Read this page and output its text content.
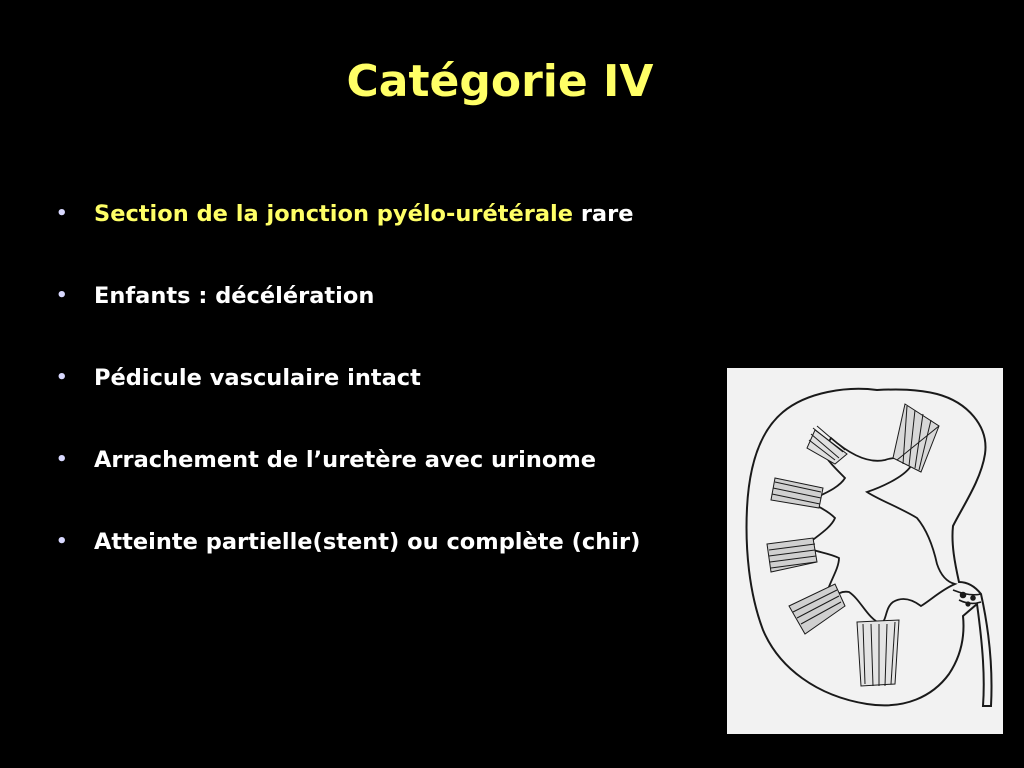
Catégorie IV
•	Section de la jonction pyélo-urétérale rare
•	Enfants : décélération
•	Pédicule vasculaire intact
•	Arrachement de l’uretère avec urinome
•	Atteinte partielle(stent) ou complète (chir)
